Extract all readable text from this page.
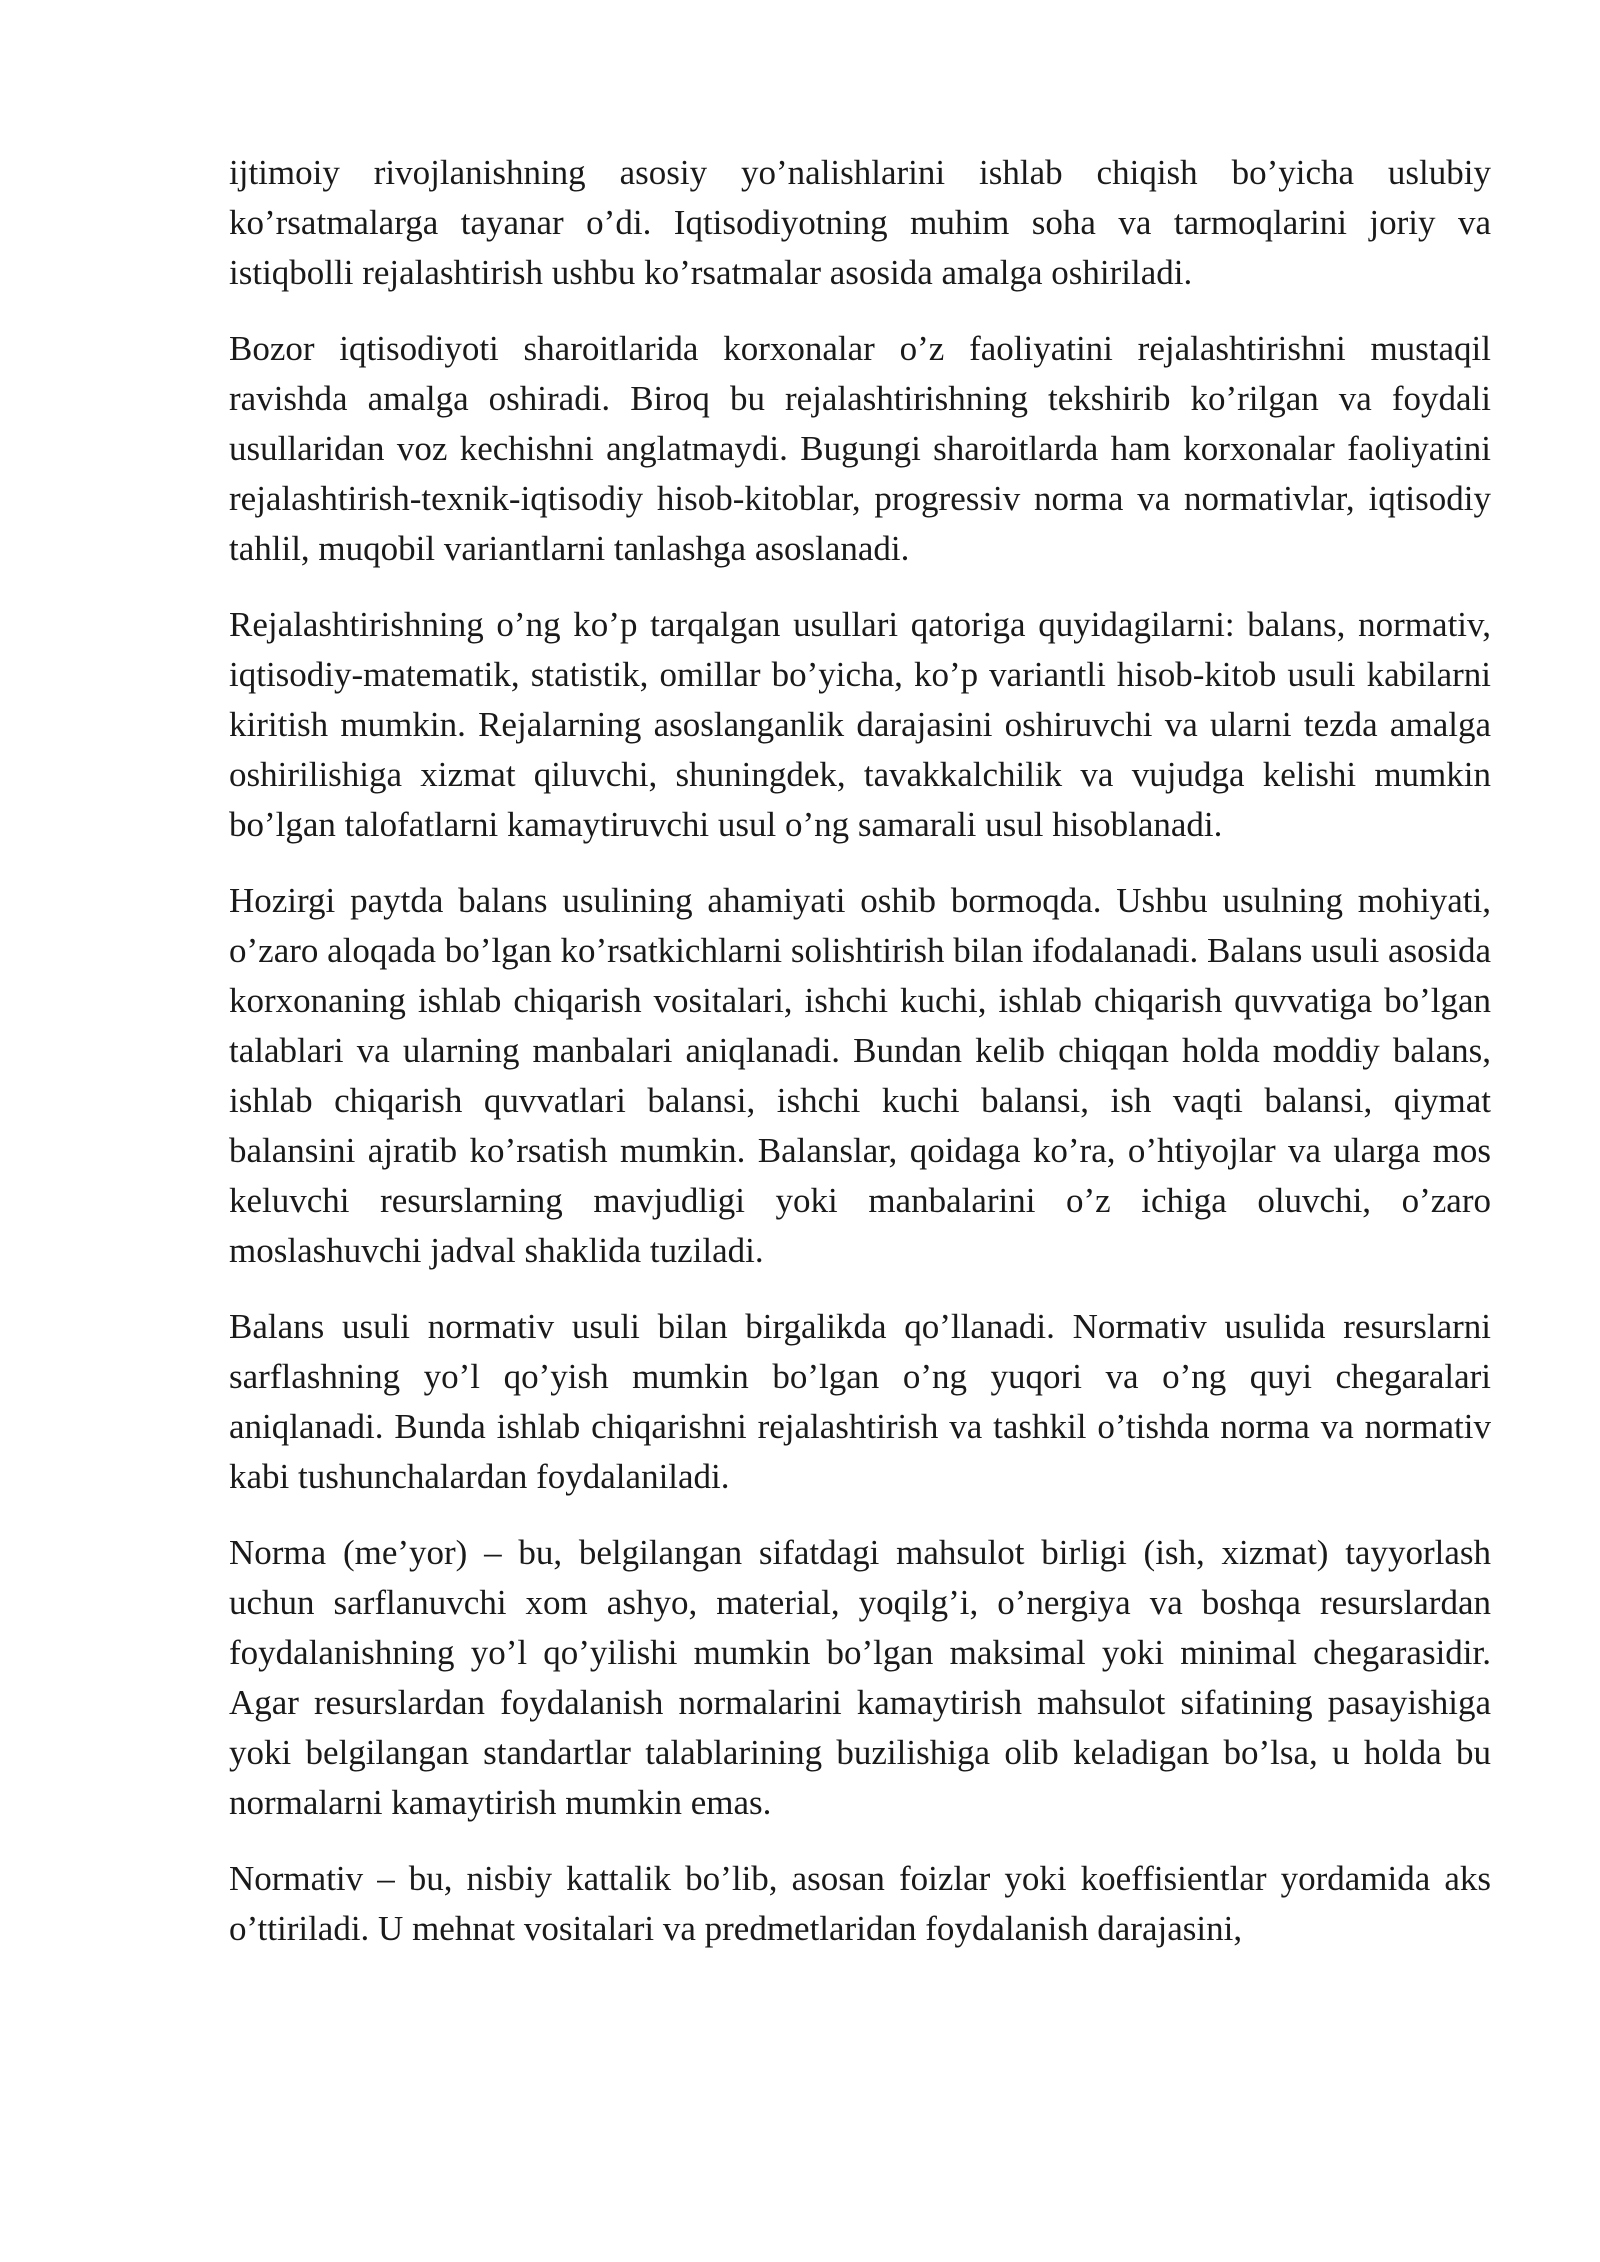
ijtimoiy rivojlanishning asosiy yo’nalishlarini ishlab chiqish bo’yicha uslubiy ko’rsatmalarga tayanar o’di. Iqtisodiyotning muhim soha va tarmoqlarini joriy va istiqbolli rejalashtirish ushbu ko’rsatmalar asosida amalga oshiriladi.

Bozor iqtisodiyoti sharoitlarida korxonalar o’z faoliyatini rejalashtirishni mustaqil ravishda amalga oshiradi. Biroq bu rejalashtirishning tekshirib ko’rilgan va foydali usullaridan voz kechishni anglatmaydi. Bugungi sharoitlarda ham korxonalar faoliyatini rejalashtirish-texnik-iqtisodiy hisob-kitoblar, progressiv norma va normativlar, iqtisodiy tahlil, muqobil variantlarni tanlashga asoslanadi.

Rejalashtirishning o’ng ko’p tarqalgan usullari qatoriga quyidagilarni: balans, normativ, iqtisodiy-matematik, statistik, omillar bo’yicha, ko’p variantli hisob-kitob usuli kabilarni kiritish mumkin. Rejalarning asoslanganlik darajasini oshiruvchi va ularni tezda amalga oshirilishiga xizmat qiluvchi, shuningdek, tavakkalchilik va vujudga kelishi mumkin bo’lgan talofatlarni kamaytiruvchi usul o’ng samarali usul hisoblanadi.

Hozirgi paytda balans usulining ahamiyati oshib bormoqda. Ushbu usulning mohiyati, o’zaro aloqada bo’lgan ko’rsatkichlarni solishtirish bilan ifodalanadi. Balans usuli asosida korxonaning ishlab chiqarish vositalari, ishchi kuchi, ishlab chiqarish quvvatiga bo’lgan talablari va ularning manbalari aniqlanadi. Bundan kelib chiqqan holda moddiy balans, ishlab chiqarish quvvatlari balansi, ishchi kuchi balansi, ish vaqti balansi, qiymat balansini ajratib ko’rsatish mumkin. Balanslar, qoidaga ko’ra, o’htiyojlar va ularga mos keluvchi resurslarning mavjudligi yoki manbalarini o’z ichiga oluvchi, o’zaro moslashuvchi jadval shaklida tuziladi.

Balans usuli normativ usuli bilan birgalikda qo’llanadi. Normativ usulida resurslarni sarflashning yo’l qo’yish mumkin bo’lgan o’ng yuqori va o’ng quyi chegaralari aniqlanadi. Bunda ishlab chiqarishni rejalashtirish va tashkil o’tishda norma va normativ kabi tushunchalardan foydalaniladi.

Norma (me’yor) – bu, belgilangan sifatdagi mahsulot birligi (ish, xizmat) tayyorlash uchun sarflanuvchi xom ashyo, material, yoqilg’i, o’nergiya va boshqa resurslardan foydalanishning yo’l qo’yilishi mumkin bo’lgan maksimal yoki minimal chegarasidir. Agar resurslardan foydalanish normalarini kamaytirish mahsulot sifatining pasayishiga yoki belgilangan standartlar talablarining buzilishiga olib keladigan bo’lsa, u holda bu normalarni kamaytirish mumkin emas.

Normativ – bu, nisbiy kattalik bo’lib, asosan foizlar yoki koeffisientlar yordamida aks o’ttiriladi. U mehnat vositalari va predmetlaridan foydalanish darajasini,
